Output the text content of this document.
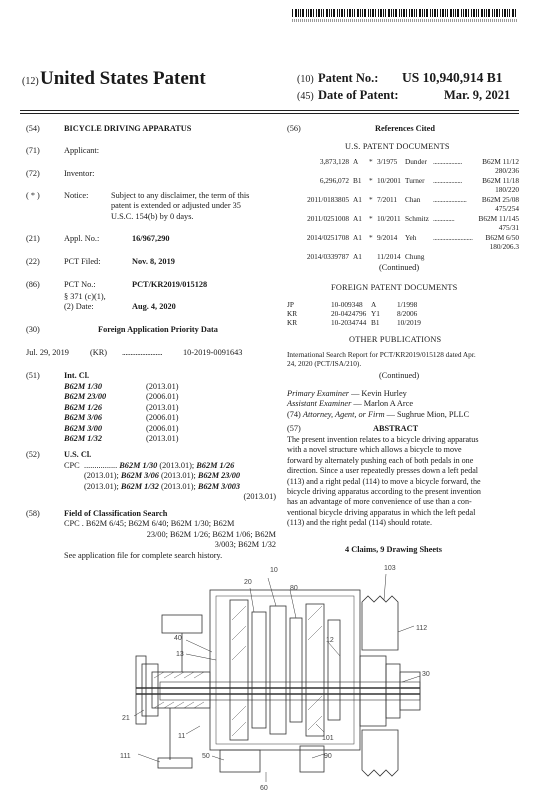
(12) United States Patent	(10) Patent No.: US 10,940,914 B1
(45) Date of Patent:	Mar. 9, 2021
(54)	BICYCLE DRIVING APPARATUS
(71)	Applicant:
(72)	Inventor:
( * )	Notice:	Subject to any disclaimer, the term of this
patent is extended or adjusted under 35
U.S.C. 154(b) by 0 days.
(21)	Appl. No.:	16/967,290
(22)	PCT Filed:	Nov. 8, 2019
(86)	PCT No.:	PCT/KR2019/015128
§ 371 (c)(1),
(2) Date:	Aug. 4, 2020
(30)	Foreign Application Priority Data
Jul. 29, 2019	(KR) ........................	10-2019-0091643
(51)	Int. Cl.
B62M 1/30	(2013.01)
B62M 23/00	(2006.01)
B62M 1/26	(2013.01)
B62M 3/06	(2006.01)
B62M 3/00	(2006.01)
B62M 1/32	(2013.01)
(52)	U.S. Cl.
CPC ................ B62M 1/30 (2013.01); B62M 1/26
(2013.01); B62M 3/06 (2013.01); B62M 23/00
(2013.01); B62M 1/32 (2013.01); B62M 3/003
(2013.01)
(58)	Field of Classification Search
CPC . B62M 6/45; B62M 6/40; B62M 1/30; B62M
23/00; B62M 1/26; B62M 1/06; B62M
3/003; B62M 1/32
See application file for complete search history.
(56)	References Cited
U.S. PATENT DOCUMENTS
3,873,128 A * 3/1975 Dunder ...................	B62M 11/12
280/236
6,296,072 B1 * 10/2001 Turner ...................	B62M 11/18
180/220
2011/0183805 A1 * 7/2011 Chan ......................	B62M 25/08
475/254
2011/0251008 A1 * 10/2011 Schmitz ..............	B62M 11/145
475/31
2014/0251708 A1 * 9/2014 Yeh ..........................	B62M 6/50
180/206.3
2014/0339787 A1 11/2014 Chung
(Continued)
FOREIGN PATENT DOCUMENTS
JP	10-009348 A	1/1998
KR	20-0424796 Y1 8/2006
KR	10-2034744 B1 10/2019
OTHER PUBLICATIONS
International Search Report for PCT/KR2019/015128 dated Apr.
24, 2020 (PCT/ISA/210).
(Continued)
Primary Examiner — Kevin Hurley
Assistant Examiner — Marlon A Arce
(74) Attorney, Agent, or Firm — Sughrue Mion, PLLC
(57)	ABSTRACT
The present invention relates to a bicycle driving apparatus
with a novel structure which allows a bicycle to move
forward by alternately pushing each of both pedals in one
direction. Since a user repeatedly presses down a left pedal
(113) and a right pedal (114) to move a bicycle forward, the
bicycle driving apparatus according to the present invention
has an advantage of more convenience of use than a con-
ventional bicycle driving apparatus in which the left pedal
(113) and the right pedal (114) should rotate.
4 Claims, 9 Drawing Sheets
10	103
20
80
112
40
13
12
30
21
11	101
111	50	90
60
